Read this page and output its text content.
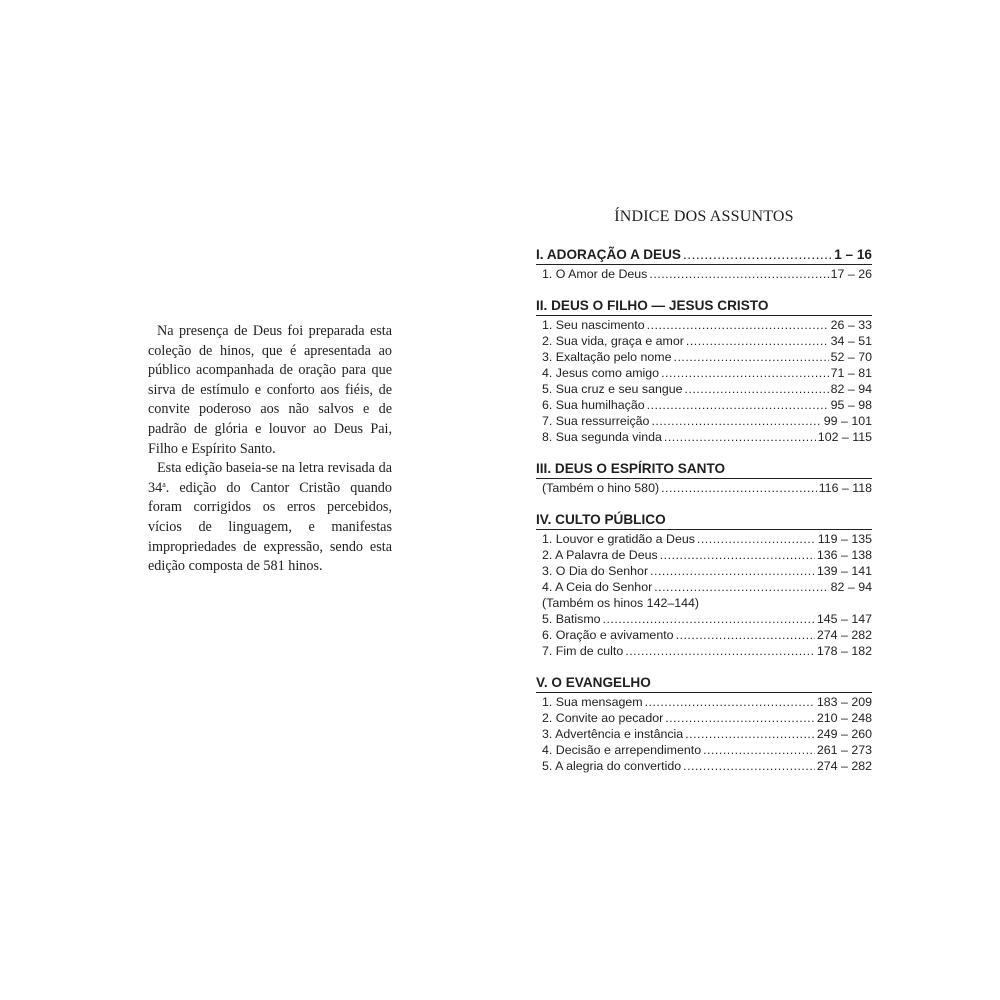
Na presença de Deus foi preparada esta coleção de hinos, que é apresentada ao público acompanhada de oração para que sirva de estímulo e conforto aos fiéis, de convite poderoso aos não salvos e de padrão de glória e louvor ao Deus Pai, Filho e Espírito Santo.

Esta edição baseia-se na letra revisada da 34$^a$. edição do Cantor Cristão quando foram corrigidos os erros percebidos, vícios de linguagem, e manifestas impropriedades de expressão, sendo esta edição composta de 581 hinos.

ÍNDICE DOS ASSUNTOS
I. ADORAÇÃO A DEUS .....	1 – 16
1. O Amor de Deus .....	17 – 26
II. DEUS O FILHO — JESUS CRISTO
1. Seu nascimento .....	26 – 33
2. Sua vida, graça e amor .....	34 – 51
3. Exaltação pelo nome .....	52 – 70
4. Jesus como amigo .....	71 – 81
5. Sua cruz e seu sangue .....	82 – 94
6. Sua humilhação .....	95 – 98
7. Sua ressurreição .....	99 – 101
8. Sua segunda vinda .....	102 – 115
III. DEUS O ESPÍRITO SANTO
(Também o hino 580) .....	116 – 118
IV. CULTO PÚBLICO
1. Louvor e gratidão a Deus .....	119 – 135
2. A Palavra de Deus .....	136 – 138
3. O Dia do Senhor .....	139 – 141
4. A Ceia do Senhor .....	82 – 94
(Também os hinos 142–144)
5. Batismo .....	145 – 147
6. Oração e avivamento .....	274 – 282
7. Fim de culto .....	178 – 182
V. O EVANGELHO
1. Sua mensagem .....	183 – 209
2. Convite ao pecador .....	210 – 248
3. Advertência e instância .....	249 – 260
4. Decisão e arrependimento .....	261 – 273
5. A alegria do convertido .....	274 – 282
